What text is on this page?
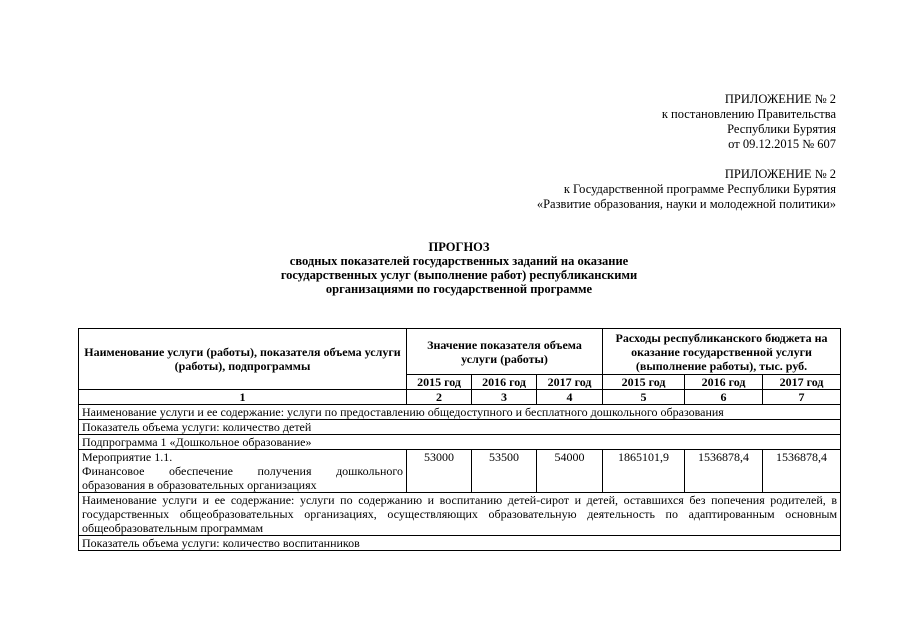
ПРИЛОЖЕНИЕ № 2
к постановлению Правительства
Республики Бурятия
от 09.12.2015 № 607
ПРИЛОЖЕНИЕ № 2
к Государственной программе Республики Бурятия
«Развитие образования, науки и молодежной политики»
ПРОГНОЗ
сводных показателей государственных заданий на оказание
государственных услуг (выполнение работ) республиканскими
организациями по государственной программе
Наименование услуги (работы), показателя объема услуги (работы), подпрограммы	Значение показателя объема услуги (работы)			Расходы республиканского бюджета на оказание государственной услуги (выполнение работы), тыс. руб.		
	2015 год	2016 год	2017 год	2015 год	2016 год	2017 год
1	2	3	4	5	6	7
Наименование услуги и ее содержание: услуги по предоставлению общедоступного и бесплатного дошкольного образования						
Показатель объема услуги: количество детей						
Подпрограмма 1 «Дошкольное образование»						
Мероприятие 1.1.
Финансовое обеспечение получения дошкольного образования в образовательных организациях	53000	53500	54000	1865101,9	1536878,4	1536878,4
Наименование услуги и ее содержание: услуги по содержанию и воспитанию детей-сирот и детей, оставшихся без попечения родителей, в государственных общеобразовательных организациях, осуществляющих образовательную деятельность по адаптированным основным общеобразовательным программам						
Показатель объема услуги: количество воспитанников						
